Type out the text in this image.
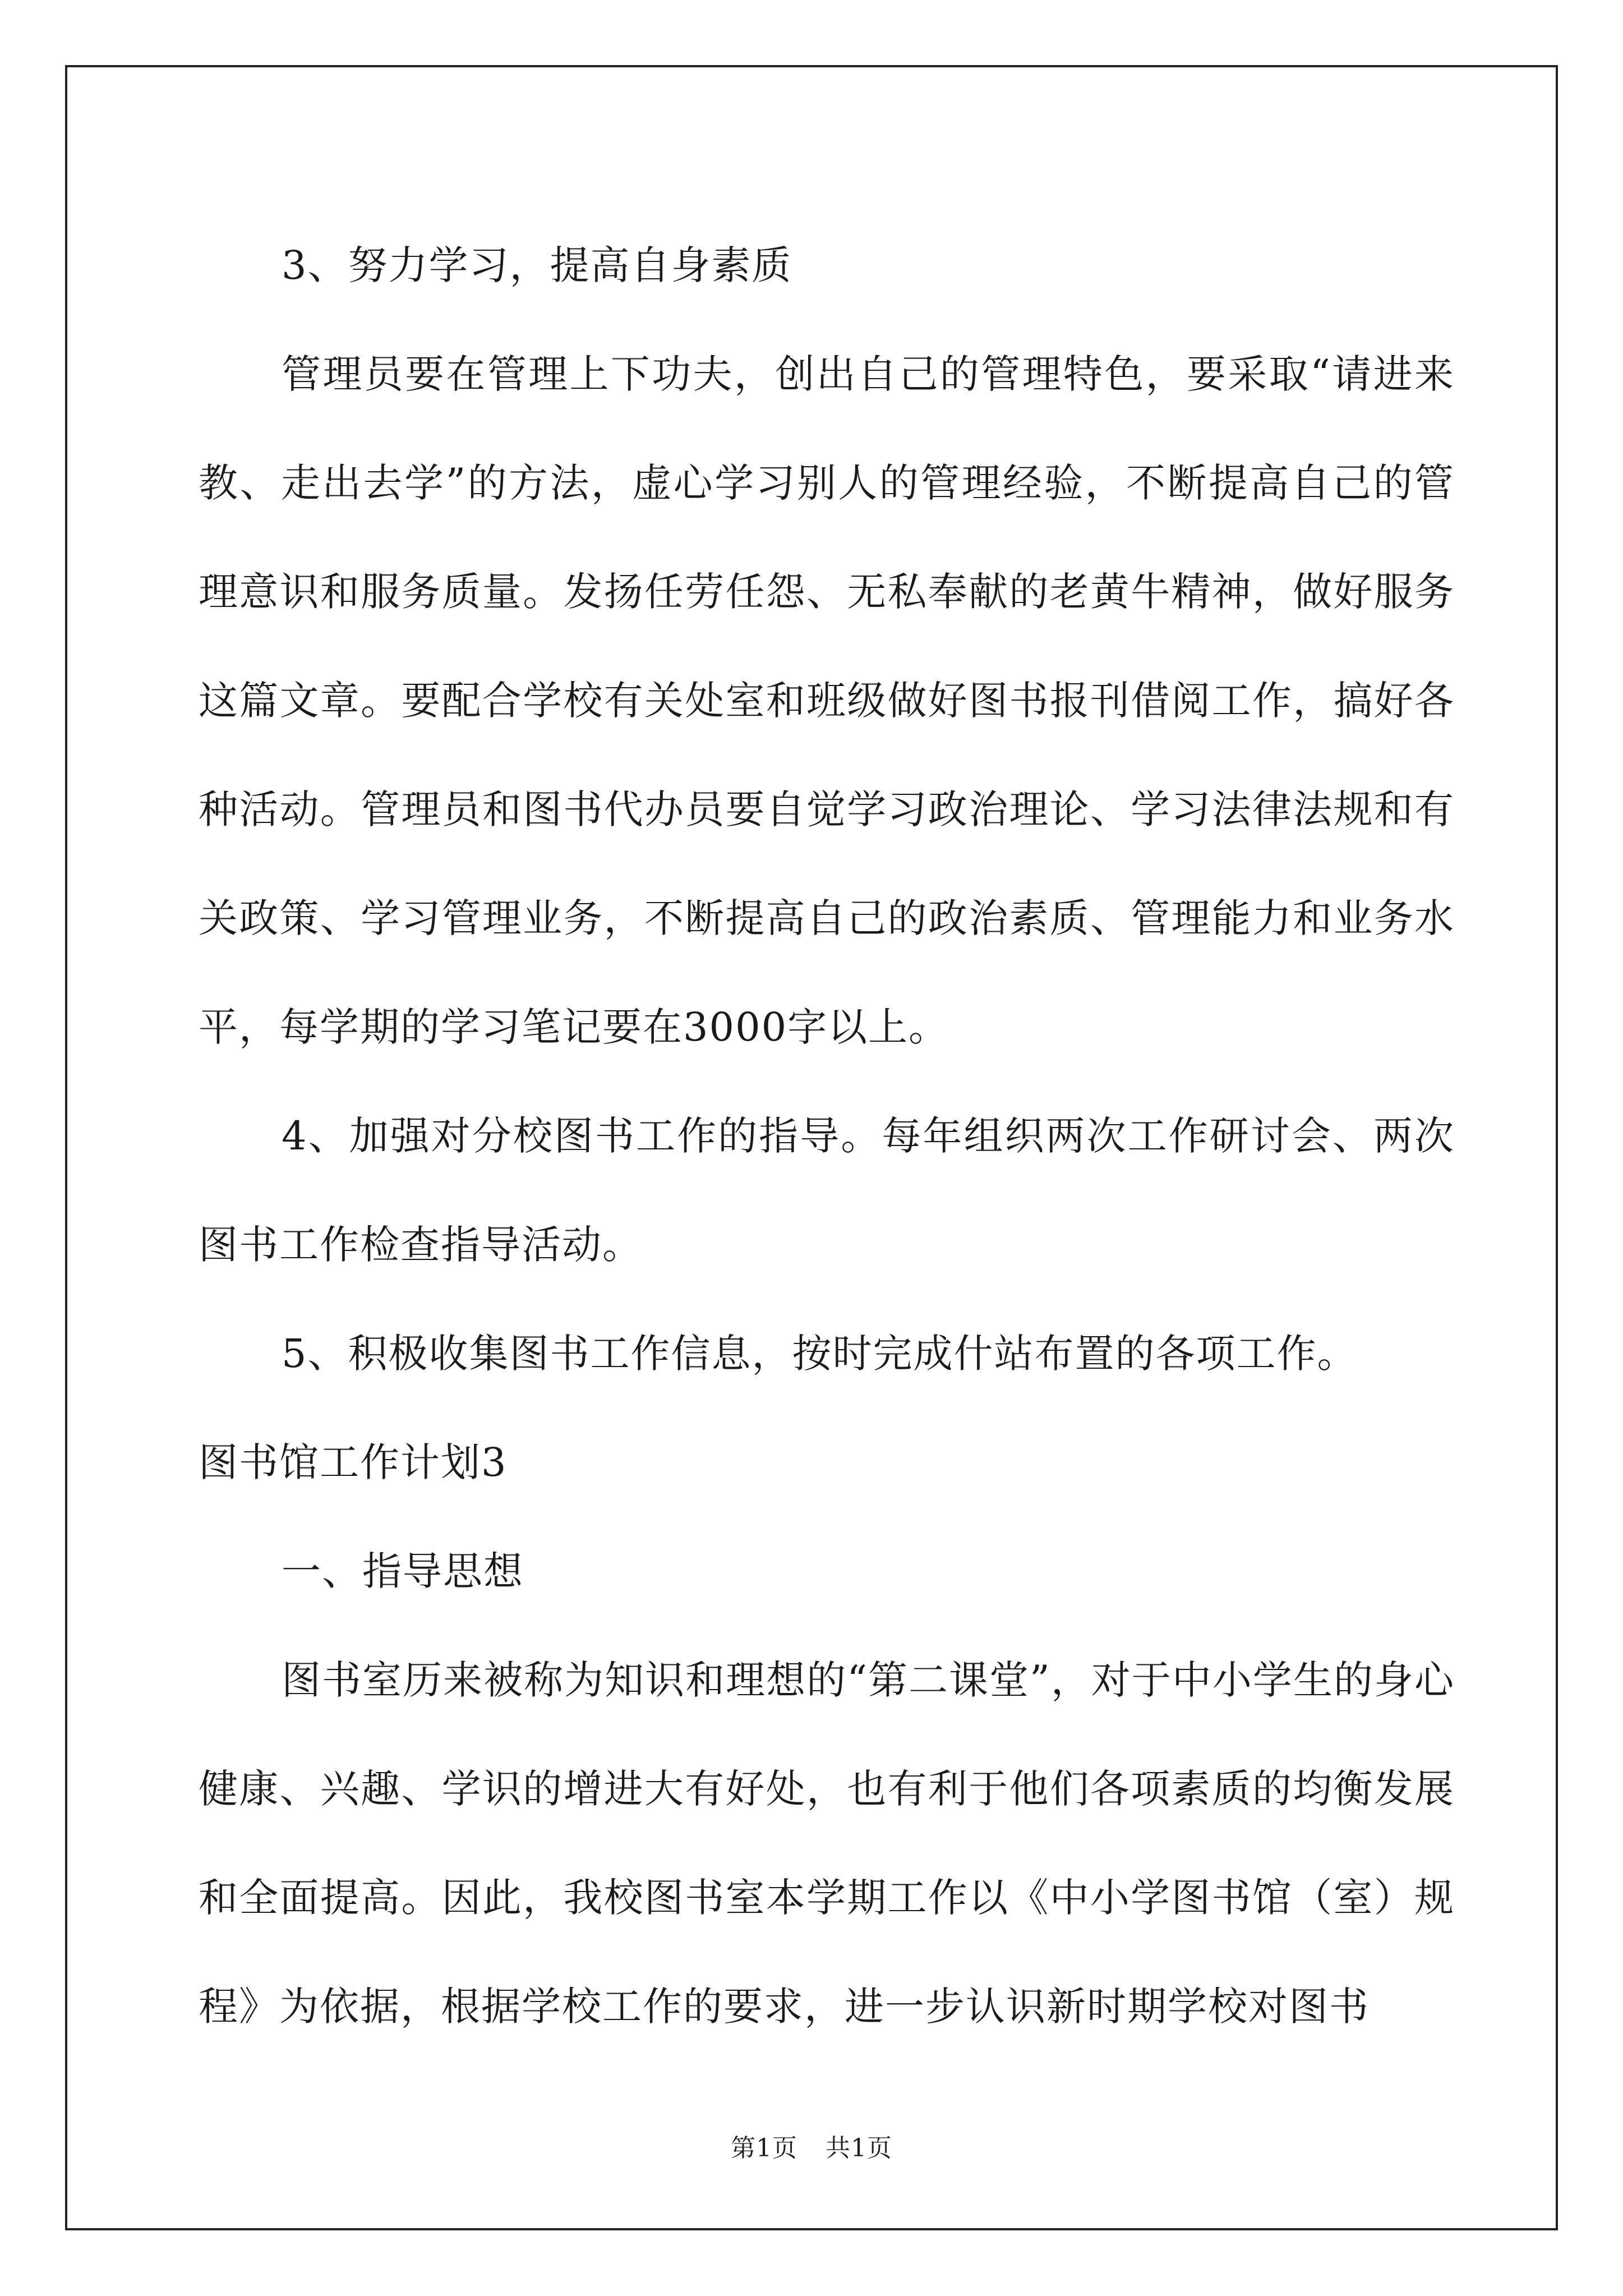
3、努力学习，提高自身素质

管理员要在管理上下功夫，创出自己的管理特色，要采取“请进来教、走出去学”的方法，虚心学习别人的管理经验，不断提高自己的管理意识和服务质量。发扬任劳任怨、无私奉献的老黄牛精神，做好服务这篇文章。要配合学校有关处室和班级做好图书报刊借阅工作，搞好各种活动。管理员和图书代办员要自觉学习政治理论、学习法律法规和有关政策、学习管理业务，不断提高自己的政治素质、管理能力和业务水平，每学期的学习笔记要在3000字以上。

4、加强对分校图书工作的指导。每年组织两次工作研讨会、两次图书工作检查指导活动。

5、积极收集图书工作信息，按时完成什站布置的各项工作。

图书馆工作计划3

一、指导思想

图书室历来被称为知识和理想的“第二课堂”，对于中小学生的身心健康、兴趣、学识的增进大有好处，也有利于他们各项素质的均衡发展和全面提高。因此，我校图书室本学期工作以《中小学图书馆（室）规程》为依据，根据学校工作的要求，进一步认识新时期学校对图书

第1页 共1页
